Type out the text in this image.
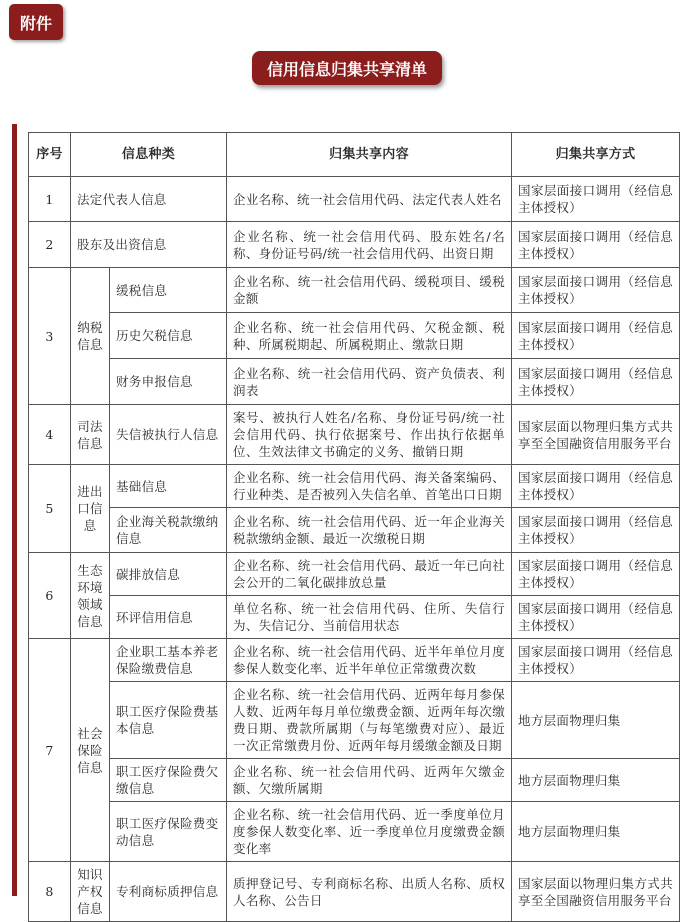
附件
信用信息归集共享清单
序号	信息种类		归集共享内容	归集共享方式
1	法定代表人信息		企业名称、统一社会信用代码、法定代表人姓名	国家层面接口调用（经信息主体授权）
2	股东及出资信息		企业名称、统一社会信用代码、股东姓名/名称、身份证号码/统一社会信用代码、出资日期	国家层面接口调用（经信息主体授权）
3	纳税信息	缓税信息	企业名称、统一社会信用代码、缓税项目、缓税金额	国家层面接口调用（经信息主体授权）
		历史欠税信息	企业名称、统一社会信用代码、欠税金额、税种、所属税期起、所属税期止、缴款日期	国家层面接口调用（经信息主体授权）
		财务申报信息	企业名称、统一社会信用代码、资产负债表、利润表	国家层面接口调用（经信息主体授权）
4	司法信息	失信被执行人信息	案号、被执行人姓名/名称、身份证号码/统一社会信用代码、执行依据案号、作出执行依据单位、生效法律文书确定的义务、撤销日期	国家层面以物理归集方式共享至全国融资信用服务平台
5	进出口信息	基础信息	企业名称、统一社会信用代码、海关备案编码、行业种类、是否被列入失信名单、首笔出口日期	国家层面接口调用（经信息主体授权）
		企业海关税款缴纳信息	企业名称、统一社会信用代码、近一年企业海关税款缴纳金额、最近一次缴税日期	国家层面接口调用（经信息主体授权）
6	生态环境领域信息	碳排放信息	企业名称、统一社会信用代码、最近一年已向社会公开的二氧化碳排放总量	国家层面接口调用（经信息主体授权）
		环评信用信息	单位名称、统一社会信用代码、住所、失信行为、失信记分、当前信用状态	国家层面接口调用（经信息主体授权）
7	社会保险信息	企业职工基本养老保险缴费信息	企业名称、统一社会信用代码、近半年单位月度参保人数变化率、近半年单位正常缴费次数	国家层面接口调用（经信息主体授权）
		职工医疗保险费基本信息	企业名称、统一社会信用代码、近两年每月参保人数、近两年每月单位缴费金额、近两年每次缴费日期、费款所属期（与每笔缴费对应）、最近一次正常缴费月份、近两年每月缓缴金额及日期	地方层面物理归集
		职工医疗保险费欠缴信息	企业名称、统一社会信用代码、近两年欠缴金额、欠缴所属期	地方层面物理归集
		职工医疗保险费变动信息	企业名称、统一社会信用代码、近一季度单位月度参保人数变化率、近一季度单位月度缴费金额变化率	地方层面物理归集
8	知识产权信息	专利商标质押信息	质押登记号、专利商标名称、出质人名称、质权人名称、公告日	国家层面以物理归集方式共享至全国融资信用服务平台
